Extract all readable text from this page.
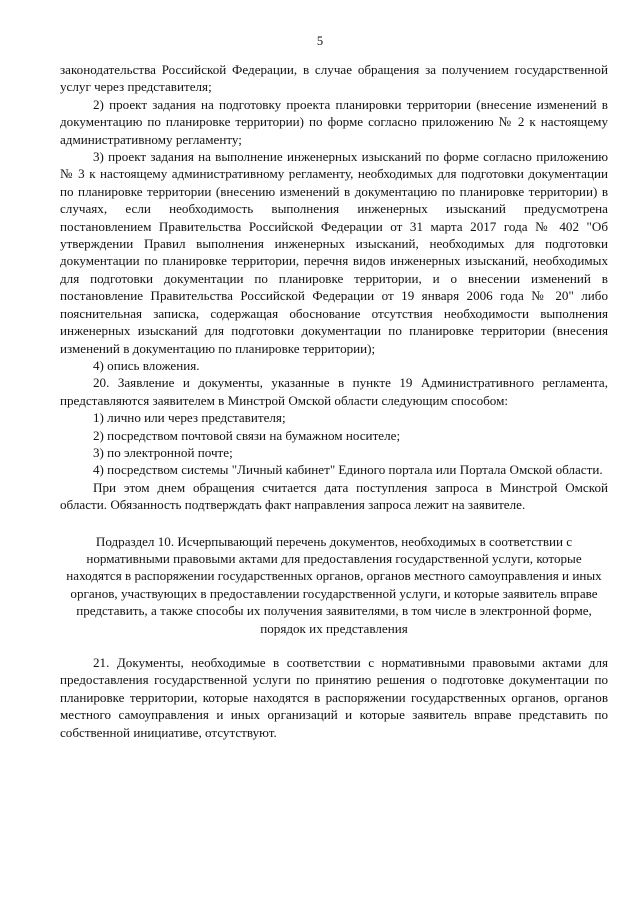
5

законодательства Российской Федерации, в случае обращения за получением государственной услуг через представителя;

2) проект задания на подготовку проекта планировки территории (внесение изменений в документацию по планировке территории) по форме согласно приложению № 2 к настоящему административному регламенту;

3) проект задания на выполнение инженерных изысканий по форме согласно приложению № 3 к настоящему административному регламенту, необходимых для подготовки документации по планировке территории (внесению изменений в документацию по планировке территории) в случаях, если необходимость выполнения инженерных изысканий предусмотрена постановлением Правительства Российской Федерации от 31 марта 2017 года № 402 "Об утверждении Правил выполнения инженерных изысканий, необходимых для подготовки документации по планировке территории, перечня видов инженерных изысканий, необходимых для подготовки документации по планировке территории, и о внесении изменений в постановление Правительства Российской Федерации от 19 января 2006 года № 20" либо пояснительная записка, содержащая обоснование отсутствия необходимости выполнения инженерных изысканий для подготовки документации по планировке территории (внесения изменений в документацию по планировке территории);

4) опись вложения.

20. Заявление и документы, указанные в пункте 19 Административного регламента, представляются заявителем в Минстрой Омской области следующим способом:

1) лично или через представителя;

2) посредством почтовой связи на бумажном носителе;

3) по электронной почте;

4) посредством системы "Личный кабинет" Единого портала или Портала Омской области.

При этом днем обращения считается дата поступления запроса в Минстрой Омской области. Обязанность подтверждать факт направления запроса лежит на заявителе.

Подраздел 10. Исчерпывающий перечень документов, необходимых в соответствии с нормативными правовыми актами для предоставления государственной услуги, которые находятся в распоряжении государственных органов, органов местного самоуправления и иных органов, участвующих в предоставлении государственной услуги, и которые заявитель вправе представить, а также способы их получения заявителями, в том числе в электронной форме, порядок их представления

21. Документы, необходимые в соответствии с нормативными правовыми актами для предоставления государственной услуги по принятию решения о подготовке документации по планировке территории, которые находятся в распоряжении государственных органов, органов местного самоуправления и иных организаций и которые заявитель вправе представить по собственной инициативе, отсутствуют.
